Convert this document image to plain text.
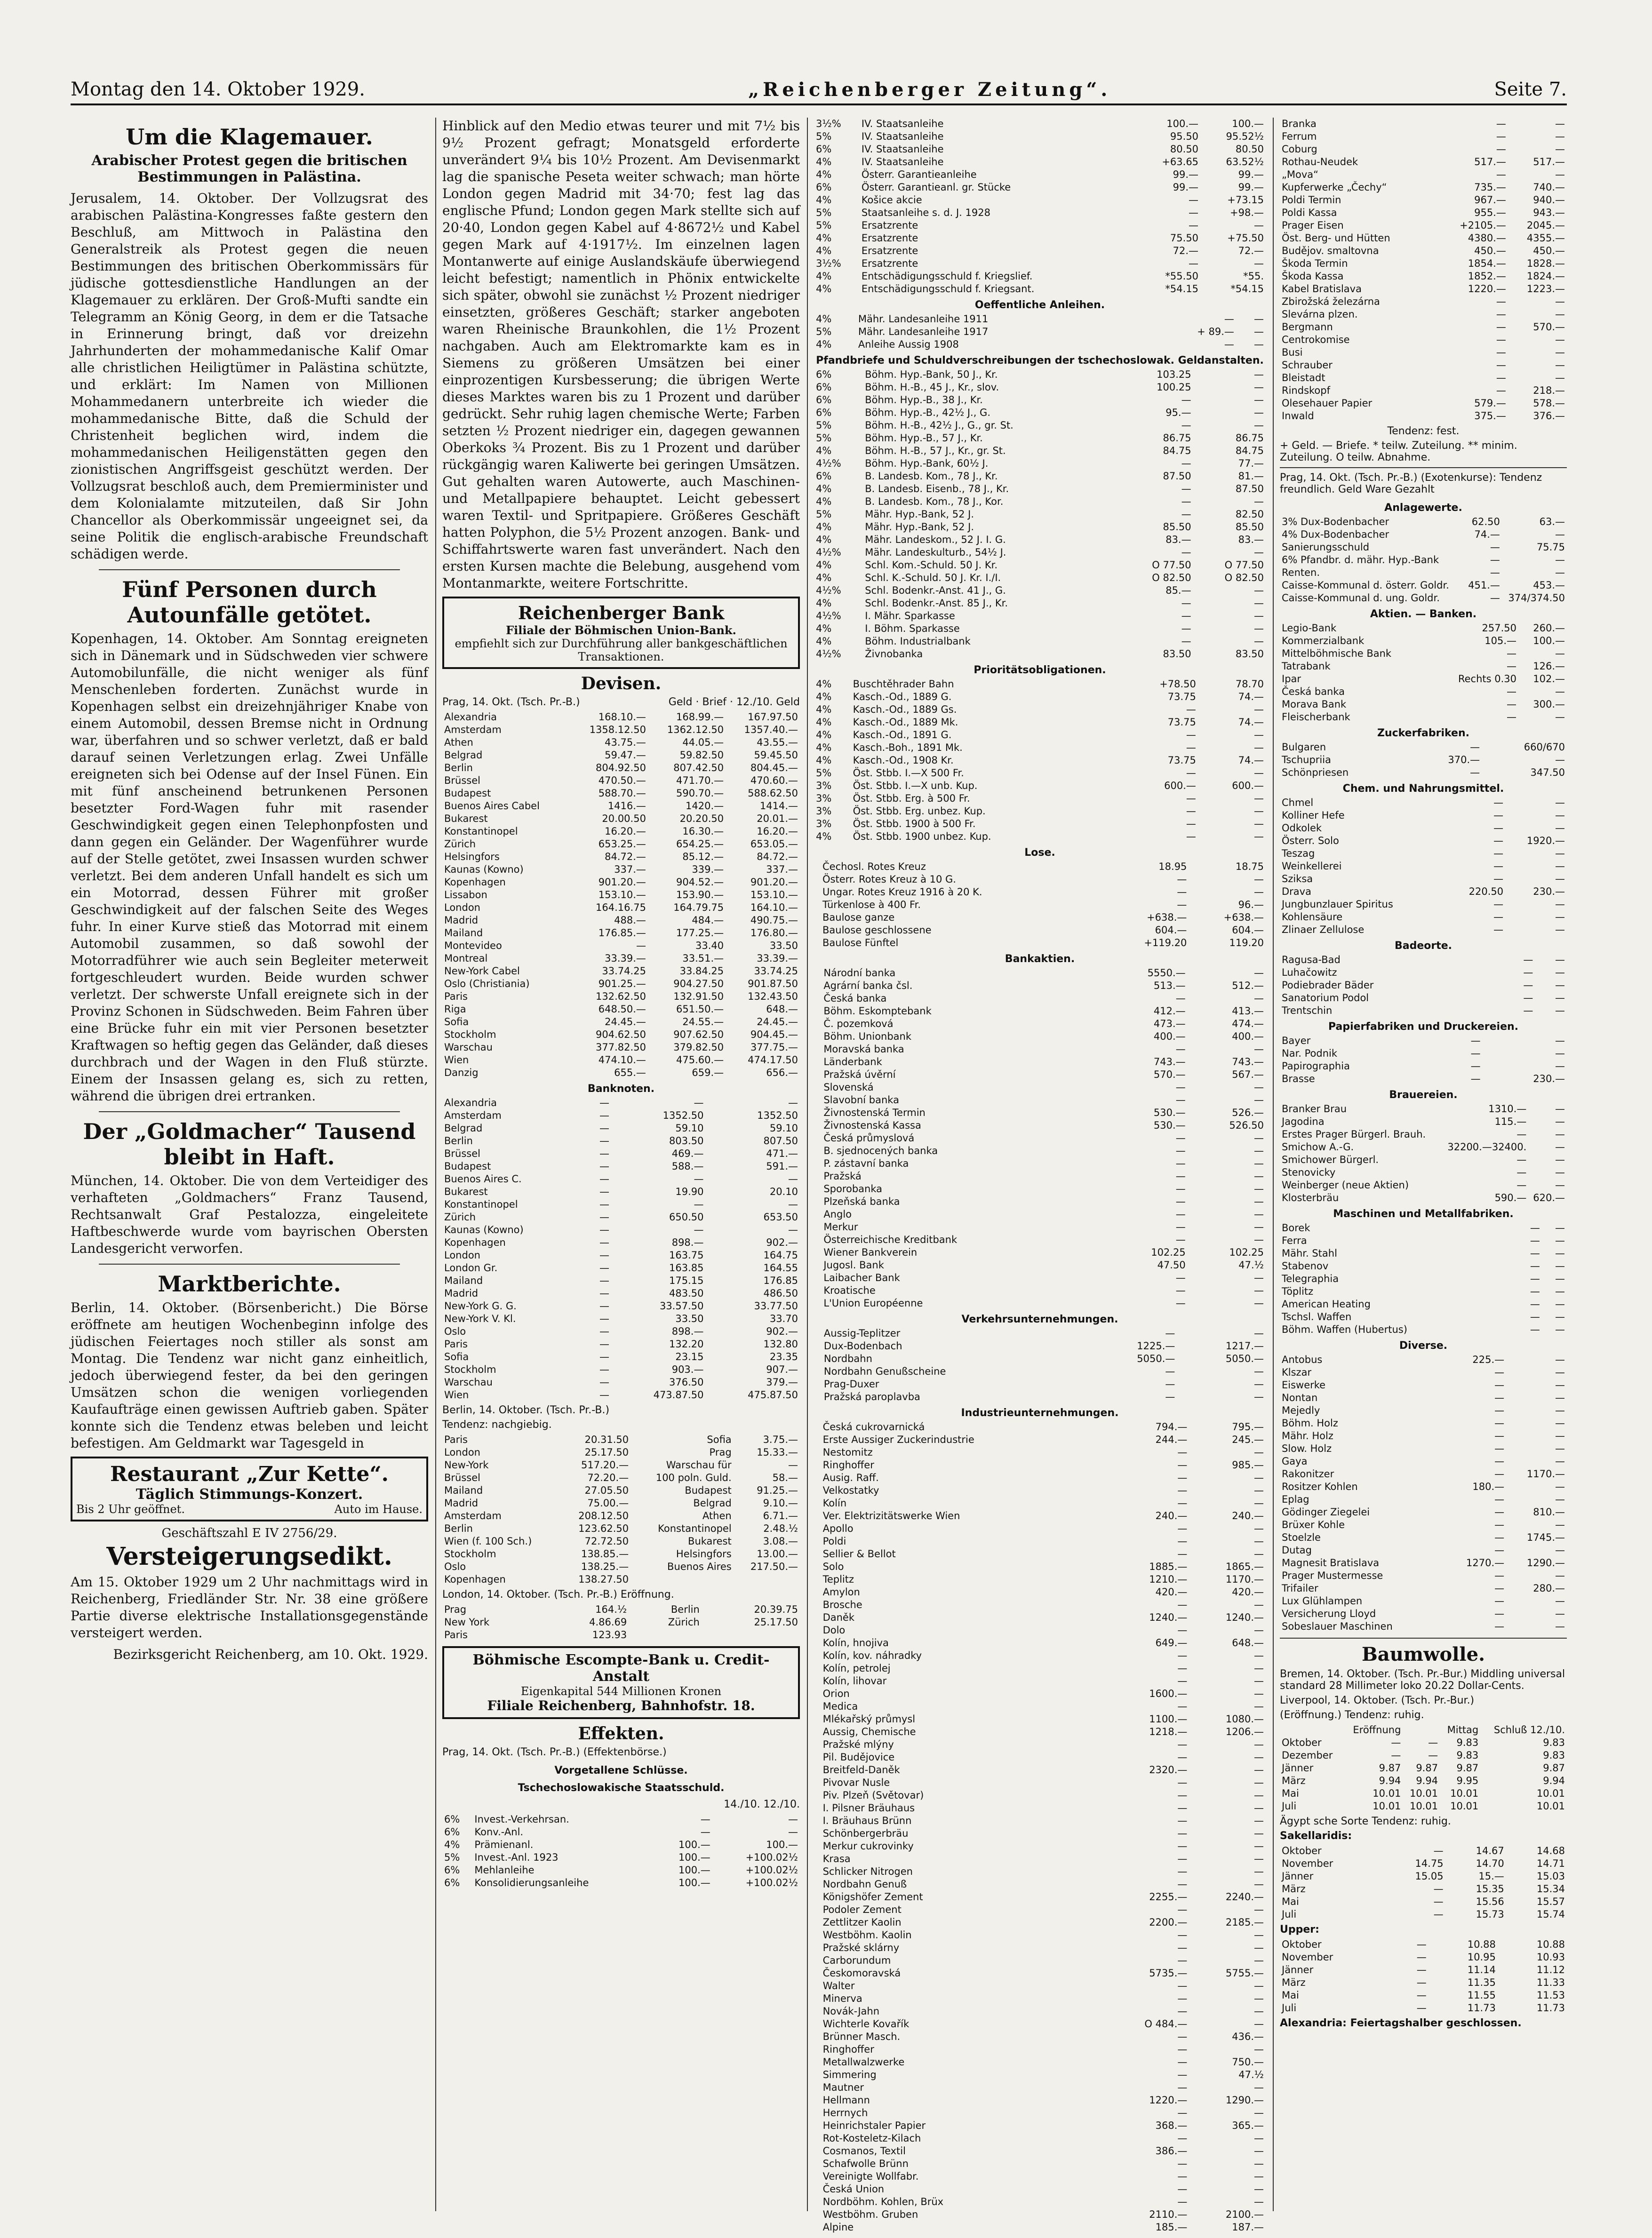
Montag den 14. Oktober 1929.	„Reichenberger Zeitung“.	Seite 7.
Um die Klagemauer.
Arabischer Protest gegen die britischen Bestimmungen in Palästina.

Jerusalem, 14. Oktober. Der Vollzugsrat des arabischen Palästina-Kongresses faßte gestern den Beschluß, am Mittwoch in Palästina den Generalstreik als Protest gegen die neuen Bestimmungen des britischen Oberkommissärs für jüdische gottesdienstliche Handlungen an der Klagemauer zu erklären. Der Groß-Mufti sandte ein Telegramm an König Georg, in dem er die Tatsache in Erinnerung bringt, daß vor dreizehn Jahrhunderten der mohammedanische Kalif Omar alle christlichen Heiligtümer in Palästina schützte, und erklärt: Im Namen von Millionen Mohammedanern unterbreite ich wieder die mohammedanische Bitte, daß die Schuld der Christenheit beglichen wird, indem die mohammedanischen Heiligenstätten gegen den zionistischen Angriffsgeist geschützt werden. Der Vollzugsrat beschloß auch, dem Premierminister und dem Kolonialamte mitzuteilen, daß Sir John Chancellor als Oberkommissär ungeeignet sei, da seine Politik die englisch-arabische Freundschaft schädigen werde.

Fünf Personen durch Autounfälle getötet.

Kopenhagen, 14. Oktober. Am Sonntag ereigneten sich in Dänemark und in Südschweden vier schwere Automobilunfälle, die nicht weniger als fünf Menschenleben forderten. Zunächst wurde in Kopenhagen selbst ein dreizehnjähriger Knabe von einem Automobil, dessen Bremse nicht in Ordnung war, überfahren und so schwer verletzt, daß er bald darauf seinen Verletzungen erlag. Zwei Unfälle ereigneten sich bei Odense auf der Insel Fünen. Ein mit fünf anscheinend betrunkenen Personen besetzter Ford-Wagen fuhr mit rasender Geschwindigkeit gegen einen Telephonpfosten und dann gegen ein Geländer. Der Wagenführer wurde auf der Stelle getötet, zwei Insassen wurden schwer verletzt. Bei dem anderen Unfall handelt es sich um ein Motorrad, dessen Führer mit großer Geschwindigkeit auf der falschen Seite des Weges fuhr. In einer Kurve stieß das Motorrad mit einem Automobil zusammen, so daß sowohl der Motorradführer wie auch sein Begleiter meterweit fortgeschleudert wurden. Beide wurden schwer verletzt. Der schwerste Unfall ereignete sich in der Provinz Schonen in Südschweden. Beim Fahren über eine Brücke fuhr ein mit vier Personen besetzter Kraftwagen so heftig gegen das Geländer, daß dieses durchbrach und der Wagen in den Fluß stürzte. Einem der Insassen gelang es, sich zu retten, während die übrigen drei ertranken.

Der „Goldmacher“ Tausend bleibt in Haft.

München, 14. Oktober. Die von dem Verteidiger des verhafteten „Goldmachers“ Franz Tausend, Rechtsanwalt Graf Pestalozza, eingeleitete Haftbeschwerde wurde vom bayrischen Obersten Landesgericht verworfen.

Marktberichte.

Berlin, 14. Oktober. (Börsenbericht.) Die Börse eröffnete am heutigen Wochenbeginn infolge des jüdischen Feiertages noch stiller als sonst am Montag. Die Tendenz war nicht ganz einheitlich, jedoch überwiegend fester, da bei den geringen Umsätzen schon die wenigen vorliegenden Kaufaufträge einen gewissen Auftrieb gaben. Später konnte sich die Tendenz etwas beleben und leicht befestigen. Am Geldmarkt war Tagesgeld in

Restaurant „Zur Kette“.
Täglich Stimmungs-Konzert.
Bis 2 Uhr geöffnet.	Auto im Hause.
Geschäftszahl E IV 2756/29.
Versteigerungsedikt.

Am 15. Oktober 1929 um 2 Uhr nachmittags wird in Reichenberg, Friedländer Str. Nr. 38 eine größere Partie diverse elektrische Installationsgegenstände versteigert werden.

Bezirksgericht Reichenberg, am 10. Okt. 1929.

Hinblick auf den Medio etwas teurer und mit 7½ bis 9½ Prozent gefragt; Monatsgeld erforderte unverändert 9¼ bis 10½ Prozent. Am Devisenmarkt lag die spanische Peseta weiter schwach; man hörte London gegen Madrid mit 34·70; fest lag das englische Pfund; London gegen Mark stellte sich auf 20·40, London gegen Kabel auf 4·8672½ und Kabel gegen Mark auf 4·1917½. Im einzelnen lagen Montanwerte auf einige Auslandskäufe überwiegend leicht befestigt; namentlich in Phönix entwickelte sich später, obwohl sie zunächst ½ Prozent niedriger einsetzten, größeres Geschäft; starker angeboten waren Rheinische Braunkohlen, die 1½ Prozent nachgaben. Auch am Elektromarkte kam es in Siemens zu größeren Umsätzen bei einer einprozentigen Kursbesserung; die übrigen Werte dieses Marktes waren bis zu 1 Prozent und darüber gedrückt. Sehr ruhig lagen chemische Werte; Farben setzten ½ Prozent niedriger ein, dagegen gewannen Oberkoks ¾ Prozent. Bis zu 1 Prozent und darüber rückgängig waren Kaliwerte bei geringen Umsätzen. Gut gehalten waren Autowerte, auch Maschinen- und Metallpapiere behauptet. Leicht gebessert waren Textil- und Spritpapiere. Größeres Geschäft hatten Polyphon, die 5½ Prozent anzogen. Bank- und Schiffahrtswerte waren fast unverändert. Nach den ersten Kursen machte die Belebung, ausgehend vom Montanmarkte, weitere Fortschritte.

Reichenberger Bank
Filiale der Böhmischen Union-Bank.
empfiehlt sich zur Durchführung aller bankgeschäftlichen Transaktionen.
Devisen.
Prag, 14. Okt. (Tsch. Pr.-B.)	Geld · Brief · 12./10. Geld
Alexandria	168.10.—	168.99.—	167.97.50
Amsterdam	1358.12.50	1362.12.50	1357.40.—
Athen	43.75.—	44.05.—	43.55.—
Belgrad	59.47.—	59.82.50	59.45.50
Berlin	804.92.50	807.42.50	804.45.—
Brüssel	470.50.—	471.70.—	470.60.—
Budapest	588.70.—	590.70.—	588.62.50
Buenos Aires Cabel	1416.—	1420.—	1414.—
Bukarest	20.00.50	20.20.50	20.01.—
Konstantinopel	16.20.—	16.30.—	16.20.—
Zürich	653.25.—	654.25.—	653.05.—
Helsingfors	84.72.—	85.12.—	84.72.—
Kaunas (Kowno)	337.—	339.—	337.—
Kopenhagen	901.20.—	904.52.—	901.20.—
Lissabon	153.10.—	153.90.—	153.10.—
London	164.16.75	164.79.75	164.10.—
Madrid	488.—	484.—	490.75.—
Mailand	176.85.—	177.25.—	176.80.—
Montevideo	—	33.40	33.50
Montreal	33.39.—	33.51.—	33.39.—
New-York Cabel	33.74.25	33.84.25	33.74.25
Oslo (Christiania)	901.25.—	904.27.50	901.87.50
Paris	132.62.50	132.91.50	132.43.50
Riga	648.50.—	651.50.—	648.—
Sofia	24.45.—	24.55.—	24.45.—
Stockholm	904.62.50	907.62.50	904.45.—
Warschau	377.82.50	379.82.50	377.75.—
Wien	474.10.—	475.60.—	474.17.50
Danzig	655.—	659.—	656.—
Banknoten.
Alexandria	—	—	—
Amsterdam	—	1352.50	1352.50
Belgrad	—	59.10	59.10
Berlin	—	803.50	807.50
Brüssel	—	469.—	471.—
Budapest	—	588.—	591.—
Buenos Aires C.	—	—	—
Bukarest	—	19.90	20.10
Konstantinopel	—	—	—
Zürich	—	650.50	653.50
Kaunas (Kowno)	—	—	—
Kopenhagen	—	898.—	902.—
London	—	163.75	164.75
London Gr.	—	163.85	164.55
Mailand	—	175.15	176.85
Madrid	—	483.50	486.50
New-York G. G.	—	33.57.50	33.77.50
New-York V. Kl.	—	33.50	33.70
Oslo	—	898.—	902.—
Paris	—	132.20	132.80
Sofia	—	23.15	23.35
Stockholm	—	903.—	907.—
Warschau	—	376.50	379.—
Wien	—	473.87.50	475.87.50
Berlin, 14. Oktober. (Tsch. Pr.-B.)
Tendenz: nachgiebig.
Paris	20.31.50	Sofia	3.75.—
London	25.17.50	Prag	15.33.—
New-York	517.20.—	Warschau für	—
Brüssel	72.20.—	100 poln. Guld.	58.—
Mailand	27.05.50	Budapest	91.25.—
Madrid	75.00.—	Belgrad	9.10.—
Amsterdam	208.12.50	Athen	6.71.—
Berlin	123.62.50	Konstantinopel	2.48.½
Wien (f. 100 Sch.)	72.72.50	Bukarest	3.08.—
Stockholm	138.85.—	Helsingfors	13.00.—
Oslo	138.25.—	Buenos Aires	217.50.—
Kopenhagen	138.27.50		
London, 14. Oktober. (Tsch. Pr.-B.) Eröffnung.
Prag	164.½	Berlin	20.39.75
New York	4.86.69	Zürich	25.17.50
Paris	123.93		
Böhmische Escompte-Bank u. Credit-Anstalt
Eigenkapital 544 Millionen Kronen
Filiale Reichenberg, Bahnhofstr. 18.
Effekten.
Prag, 14. Okt. (Tsch. Pr.-B.) (Effektenbörse.)
Vorgetallene Schlüsse.
Tschechoslowakische Staatsschuld.
14./10. 12./10.
6%	Invest.-Verkehrsan.	—	—
6%	Konv.-Anl.	—	—
4%	Prämienanl.	100.—	100.—
5%	Invest.-Anl. 1923	100.—	+100.02½
6%	Mehlanleihe	100.—	+100.02½
6%	Konsolidierungsanleihe	100.—	+100.02½
3½%	IV. Staatsanleihe	100.—	100.—
5%	IV. Staatsanleihe	95.50	95.52½
6%	IV. Staatsanleihe	80.50	80.50
4%	IV. Staatsanleihe	+63.65	63.52½
4%	Österr. Garantieanleihe	99.—	99.—
6%	Österr. Garantieanl. gr. Stücke	99.—	99.—
4%	Košice akcie	—	+73.15
5%	Staatsanleihe s. d. J. 1928	—	+98.—
5%	Ersatzrente	—	—
4%	Ersatzrente	75.50	+75.50
4%	Ersatzrente	72.—	72.—
3½%	Ersatzrente	—	—
4%	Entschädigungsschuld f. Kriegslief.	*55.50	*55.
4%	Entschädigungsschuld f. Kriegsant.	*54.15	*54.15
Oeffentliche Anleihen.
4%	Mähr. Landesanleihe 1911	—	—
5%	Mähr. Landesanleihe 1917	+ 89.—	—
4%	Anleihe Aussig 1908	—	—
Pfandbriefe und Schuldverschreibungen der tschechoslowak. Geldanstalten.
6%	Böhm. Hyp.-Bank, 50 J., Kr.	103.25	—
6%	Böhm. H.-B., 45 J., Kr., slov.	100.25	—
6%	Böhm. Hyp.-B., 38 J., Kr.	—	—
6%	Böhm. Hyp.-B., 42½ J., G.	95.—	—
5%	Böhm. H.-B., 42½ J., G., gr. St.	—	—
5%	Böhm. Hyp.-B., 57 J., Kr.	86.75	86.75
4%	Böhm. H.-B., 57 J., Kr., gr. St.	84.75	84.75
4½%	Böhm. Hyp.-Bank, 60½ J.	—	77.—
6%	B. Landesb. Kom., 78 J., Kr.	87.50	81.—
4%	B. Landesb. Eisenb., 78 J., Kr.	—	87.50
4%	B. Landesb. Kom., 78 J., Kor.	—	—
5%	Mähr. Hyp.-Bank, 52 J.	—	82.50
4%	Mähr. Hyp.-Bank, 52 J.	85.50	85.50
4%	Mähr. Landeskom., 52 J. I. G.	83.—	83.—
4½%	Mähr. Landeskulturb., 54½ J.	—	—
4%	Schl. Kom.-Schuld. 50 J. Kr.	O 77.50	O 77.50
4%	Schl. K.-Schuld. 50 J. Kr. I./I.	O 82.50	O 82.50
4½%	Schl. Bodenkr.-Anst. 41 J., G.	85.—	—
4%	Schl. Bodenkr.-Anst. 85 J., Kr.	—	—
4½%	I. Mähr. Sparkasse	—	—
4%	I. Böhm. Sparkasse	—	—
4%	Böhm. Industrialbank	—	—
4½%	Živnobanka	83.50	83.50
Prioritätsobligationen.
4%	Buschtěhrader Bahn	+78.50	78.70
4%	Kasch.-Od., 1889 G.	73.75	74.—
4%	Kasch.-Od., 1889 Gs.	—	—
4%	Kasch.-Od., 1889 Mk.	73.75	74.—
4%	Kasch.-Od., 1891 G.	—	—
4%	Kasch.-Boh., 1891 Mk.	—	—
4%	Kasch.-Od., 1908 Kr.	73.75	74.—
5%	Öst. Stbb. I.—X 500 Fr.	—	—
3%	Öst. Stbb. I.—X unb. Kup.	600.—	600.—
3%	Öst. Stbb. Erg. à 500 Fr.	—	—
3%	Öst. Stbb. Erg. unbez. Kup.	—	—
3%	Öst. Stbb. 1900 à 500 Fr.	—	—
4%	Öst. Stbb. 1900 unbez. Kup.	—	—
Lose.
	Čechosl. Rotes Kreuz	18.95	18.75
	Österr. Rotes Kreuz à 10 G.	—	—
	Ungar. Rotes Kreuz 1916 à 20 K.	—	—
	Türkenlose à 400 Fr.	—	96.—
	Baulose ganze	+638.—	+638.—
	Baulose geschlossene	604.—	604.—
	Baulose Fünftel	+119.20	119.20
Bankaktien.
	Národní banka	5550.—	—
	Agrární banka čsl.	513.—	512.—
	Česká banka	—	—
	Böhm. Eskomptebank	412.—	413.—
	Č. pozemková	473.—	474.—
	Böhm. Unionbank	400.—	400.—
	Moravská banka	—	—
	Länderbank	743.—	743.—
	Pražská úvěrní	570.—	567.—
	Slovenská	—	—
	Slavobní banka	—	—
	Živnostenská Termin	530.—	526.—
	Živnostenská Kassa	530.—	526.50
	Česká průmyslová	—	—
	B. sjednocených banka	—	—
	P. zástavní banka	—	—
	Pražská	—	—
	Sporobanka	—	—
	Plzeňská banka	—	—
	Anglo	—	—
	Merkur	—	—
	Österreichische Kreditbank	—	—
	Wiener Bankverein	102.25	102.25
	Jugosl. Bank	47.50	47.½
	Laibacher Bank	—	—
	Kroatische	—	—
	L'Union Européenne	—	—
Verkehrsunternehmungen.
	Aussig-Teplitzer	—	—
	Dux-Bodenbach	1225.—	1217.—
	Nordbahn	5050.—	5050.—
	Nordbahn Genußscheine	—	—
	Prag-Duxer	—	—
	Pražská paroplavba	—	—
Industrieunternehmungen.
	Česká cukrovarnická	794.—	795.—
	Erste Aussiger Zuckerindustrie	244.—	245.—
	Nestomitz	—	—
	Ringhoffer	—	985.—
	Ausig. Raff.	—	—
	Velkostatky	—	—
	Kolín	—	—
	Ver. Elektrizitätswerke Wien	240.—	240.—
	Apollo	—	—
	Poldi	—	—
	Sellier & Bellot	—	—
	Solo	1885.—	1865.—
	Teplitz	1210.—	1170.—
	Amylon	420.—	420.—
	Brosche	—	—
	Daněk	1240.—	1240.—
	Dolo	—	—
	Kolín, hnojiva	649.—	648.—
	Kolín, kov. náhradky	—	—
	Kolín, petrolej	—	—
	Kolín, lihovar	—	—
	Orion	1600.—	—
	Medica	—	—
	Mlékařský průmysl	1100.—	1080.—
	Aussig, Chemische	1218.—	1206.—
	Pražské mlýny	—	—
	Pil. Budějovice	—	—
	Breitfeld-Daněk	2320.—	—
	Pivovar Nusle	—	—
	Piv. Plzeň (Světovar)	—	—
	I. Pilsner Bräuhaus	—	—
	I. Bräuhaus Brünn	—	—
	Schönbergerbräu	—	—
	Merkur cukrovinky	—	—
	Krasa	—	—
	Schlicker Nitrogen	—	—
	Nordbahn Genuß	—	—
	Königshöfer Zement	2255.—	2240.—
	Podoler Zement	—	—
	Zettlitzer Kaolin	2200.—	2185.—
	Westböhm. Kaolin	—	—
	Pražské sklárny	—	—
	Carborundum	—	—
	Českomoravská	5735.—	5755.—
	Walter	—	—
	Minerva	—	—
	Novák-Jahn	—	—
	Wichterle Kovařík	O 484.—	—
	Brünner Masch.	—	436.—
	Ringhoffer	—	—
	Metallwalzwerke	—	750.—
	Simmering	—	47.½
	Mautner	—	—
	Hellmann	1220.—	1290.—
	Herrnych	—	—
	Heinrichstaler Papier	368.—	365.—
	Rot-Kosteletz-Kilach	—	—
	Cosmanos, Textil	386.—	—
	Schafwolle Brünn	—	—
	Vereinigte Wollfabr.	—	—
	Česká Union	—	—
	Nordböhm. Kohlen, Brüx	—	—
	Westböhm. Gruben	2110.—	2100.—
	Alpine	185.—	187.—
Branka	—	—
Ferrum	—	—
Coburg	—	—
Rothau-Neudek	517.—	517.—
„Mova“	—	—
Kupferwerke „Čechy“	735.—	740.—
Poldi Termin	967.—	940.—
Poldi Kassa	955.—	943.—
Prager Eisen	+2105.—	2045.—
Öst. Berg- und Hütten	4380.—	4355.—
Budějov. smaltovna	450.—	450.—
Škoda Termin	1854.—	1828.—
Škoda Kassa	1852.—	1824.—
Kabel Bratislava	1220.—	1223.—
Zbirožská železárna	—	—
Slevárna plzen.	—	—
Bergmann	—	570.—
Centrokomise	—	—
Busi	—	—
Schrauber	—	—
Bleistadt	—	—
Rindskopf	—	218.—
Olesehauer Papier	579.—	578.—
Inwald	375.—	376.—
Tendenz: fest.
+ Geld. — Briefe. * teilw. Zuteilung. ** minim. Zuteilung. O teilw. Abnahme.
Prag, 14. Okt. (Tsch. Pr.-B.) (Exotenkurse): Tendenz freundlich. Geld Ware Gezahlt
Anlagewerte.
3% Dux-Bodenbacher	62.50	63.—
4% Dux-Bodenbacher	74.—	—
Sanierungsschuld	—	75.75
6% Pfandbr. d. mähr. Hyp.-Bank	—	—
Renten.	—	—
Caisse-Kommunal d. österr. Goldr.	451.—	453.—
Caisse-Kommunal d. ung. Goldr.	—	374/374.50
Aktien. — Banken.
Legio-Bank	257.50	260.—
Kommerzialbank	105.—	100.—
Mittelböhmische Bank	—	—
Tatrabank	—	126.—
Ipar	Rechts 0.30	102.—
Česká banka	—	—
Morava Bank	—	300.—
Fleischerbank	—	—
Zuckerfabriken.
Bulgaren	—	660/670
Tschupriia	370.—	—
Schönpriesen	—	347.50
Chem. und Nahrungsmittel.
Chmel	—	—
Kolliner Hefe	—	—
Odkolek	—	—
Österr. Solo	—	1920.—
Teszag	—	—
Weinkellerei	—	—
Sziksa	—	—
Drava	220.50	230.—
Jungbunzlauer Spiritus	—	—
Kohlensäure	—	—
Zlinaer Zellulose	—	—
Badeorte.
Ragusa-Bad	—	—
Luhačowitz	—	—
Podiebrader Bäder	—	—
Sanatorium Podol	—	—
Trentschin	—	—
Papierfabriken und Druckereien.
Bayer	—	—
Nar. Podnik	—	—
Papirographia	—	—
Brasse	—	230.—
Brauereien.
Branker Brau	1310.—	—
Jagodina	115.—	—
Erstes Prager Bürgerl. Brauh.	—	—
Smichow A.-G.	32200.—32400.	—
Smichower Bürgerl.	—	—
Stenovicky	—	—
Weinberger (neue Aktien)	—	—
Klosterbräu	590.—	620.—
Maschinen und Metallfabriken.
Borek	—	—
Ferra	—	—
Mähr. Stahl	—	—
Stabenov	—	—
Telegraphia	—	—
Töplitz	—	—
American Heating	—	—
Tschsl. Waffen	—	—
Böhm. Waffen (Hubertus)	—	—
Diverse.
Antobus	225.—	—
Klszar	—	—
Eiswerke	—	—
Nontan	—	—
Mejedly	—	—
Böhm. Holz	—	—
Mähr. Holz	—	—
Slow. Holz	—	—
Gaya	—	—
Rakonitzer	—	1170.—
Rositzer Kohlen	180.—	—
Eplag	—	—
Gödinger Ziegelei	—	810.—
Brüxer Kohle	—	—
Stoelzle	—	1745.—
Dutag	—	—
Magnesit Bratislava	1270.—	1290.—
Prager Mustermesse	—	—
Trifailer	—	280.—
Lux Glühlampen	—	—
Versicherung Lloyd	—	—
Sobeslauer Maschinen	—	—
Baumwolle.
Bremen, 14. Oktober. (Tsch. Pr.-Bur.) Middling universal standard 28 Millimeter loko 20.22 Dollar-Cents.
Liverpool, 14. Oktober. (Tsch. Pr.-Bur.)
(Eröffnung.) Tendenz: ruhig.
	Eröffnung		Mittag	Schluß 12./10.
Oktober	—	—	9.83	9.83
Dezember	—	—	9.83	9.83
Jänner	9.87	9.87	9.87	9.87
März	9.94	9.94	9.95	9.94
Mai	10.01	10.01	10.01	10.01
Juli	10.01	10.01	10.01	10.01
Ägypt sche Sorte Tendenz: ruhig.
Sakellaridis:
Oktober	—	14.67	14.68
November	14.75	14.70	14.71
Jänner	15.05	15.—	15.03
März	—	15.35	15.34
Mai	—	15.56	15.57
Juli	—	15.73	15.74
Upper:
Oktober	—	10.88	10.88
November	—	10.95	10.93
Jänner	—	11.14	11.12
März	—	11.35	11.33
Mai	—	11.55	11.53
Juli	—	11.73	11.73
Alexandria: Feiertagshalber geschlossen.
